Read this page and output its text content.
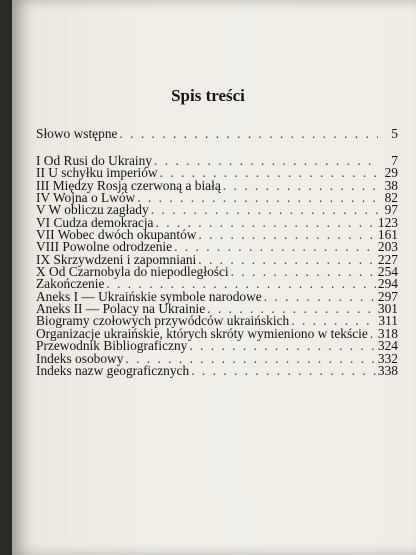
Spis treści
Słowo wstępne . . .	5
I Od Rusi do Ukrainy . . .	7
II U schyłku imperiów . . .	29
III Między Rosją czerwoną a białą . . .	38
IV Wojna o Lwów . . .	82
V W obliczu zagłady . . .	97
VI Cudza demokracja . . .	123
VII Wobec dwóch okupantów . . .	161
VIII Powolne odrodzenie . . .	203
IX Skrzywdzeni i zapomniani . . .	227
X Od Czarnobyla do niepodległości . . .	254
Zakończenie . . .	294
Aneks I — Ukraińskie symbole narodowe . . .	297
Aneks II — Polacy na Ukrainie . . .	301
Biogramy czołowych przywódców ukraińskich . . .	311
Organizacje ukraińskie, których skróty wymieniono w tekście . . . 318
Przewodnik Bibliograficzny . . .	324
Indeks osobowy . . .	332
Indeks nazw geograficznych . . .	338
